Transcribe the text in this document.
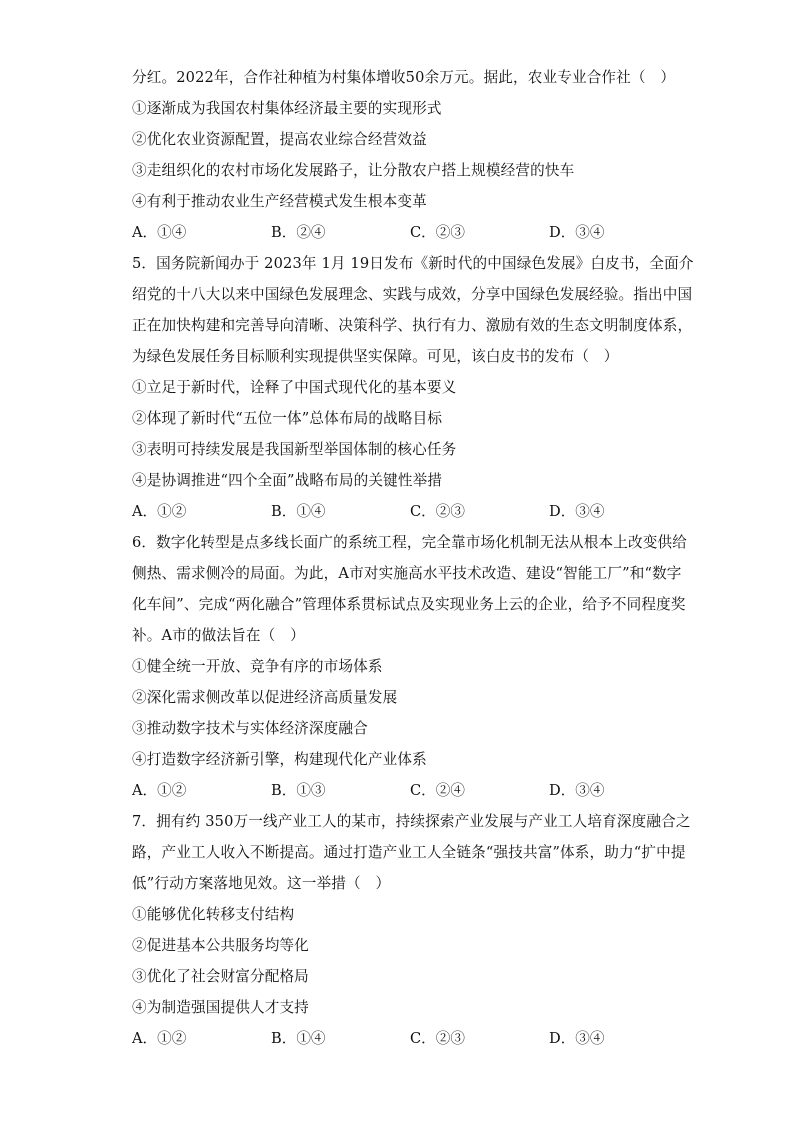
分红。2022年，合作社种植为村集体增收50余万元。据此，农业专业合作社（　）
①逐渐成为我国农村集体经济最主要的实现形式
②优化农业资源配置，提高农业综合经营效益
③走组织化的农村市场化发展路子，让分散农户搭上规模经营的快车
④有利于推动农业生产经营模式发生根本变革
A．①④	B．②④	C．②③	D．③④
5．国务院新闻办于 2023年 1月 19日发布《新时代的中国绿色发展》白皮书，全面介
绍党的十八大以来中国绿色发展理念、实践与成效，分享中国绿色发展经验。指出中国
正在加快构建和完善导向清晰、决策科学、执行有力、激励有效的生态文明制度体系，
为绿色发展任务目标顺利实现提供坚实保障。可见，该白皮书的发布（　）
①立足于新时代，诠释了中国式现代化的基本要义
②体现了新时代“五位一体”总体布局的战略目标
③表明可持续发展是我国新型举国体制的核心任务
④是协调推进“四个全面”战略布局的关键性举措
A．①②	B．①④	C．②③	D．③④
6．数字化转型是点多线长面广的系统工程，完全靠市场化机制无法从根本上改变供给
侧热、需求侧冷的局面。为此，A市对实施高水平技术改造、建设“智能工厂”和“数字
化车间”、完成“两化融合”管理体系贯标试点及实现业务上云的企业，给予不同程度奖
补。A市的做法旨在（　）
①健全统一开放、竞争有序的市场体系
②深化需求侧改革以促进经济高质量发展
③推动数字技术与实体经济深度融合
④打造数字经济新引擎，构建现代化产业体系
A．①②	B．①③	C．②④	D．③④
7．拥有约 350万一线产业工人的某市，持续探索产业发展与产业工人培育深度融合之
路，产业工人收入不断提高。通过打造产业工人全链条“强技共富”体系，助力“扩中提
低”行动方案落地见效。这一举措（　）
①能够优化转移支付结构
②促进基本公共服务均等化
③优化了社会财富分配格局
④为制造强国提供人才支持
A．①②	B．①④	C．②③	D．③④
